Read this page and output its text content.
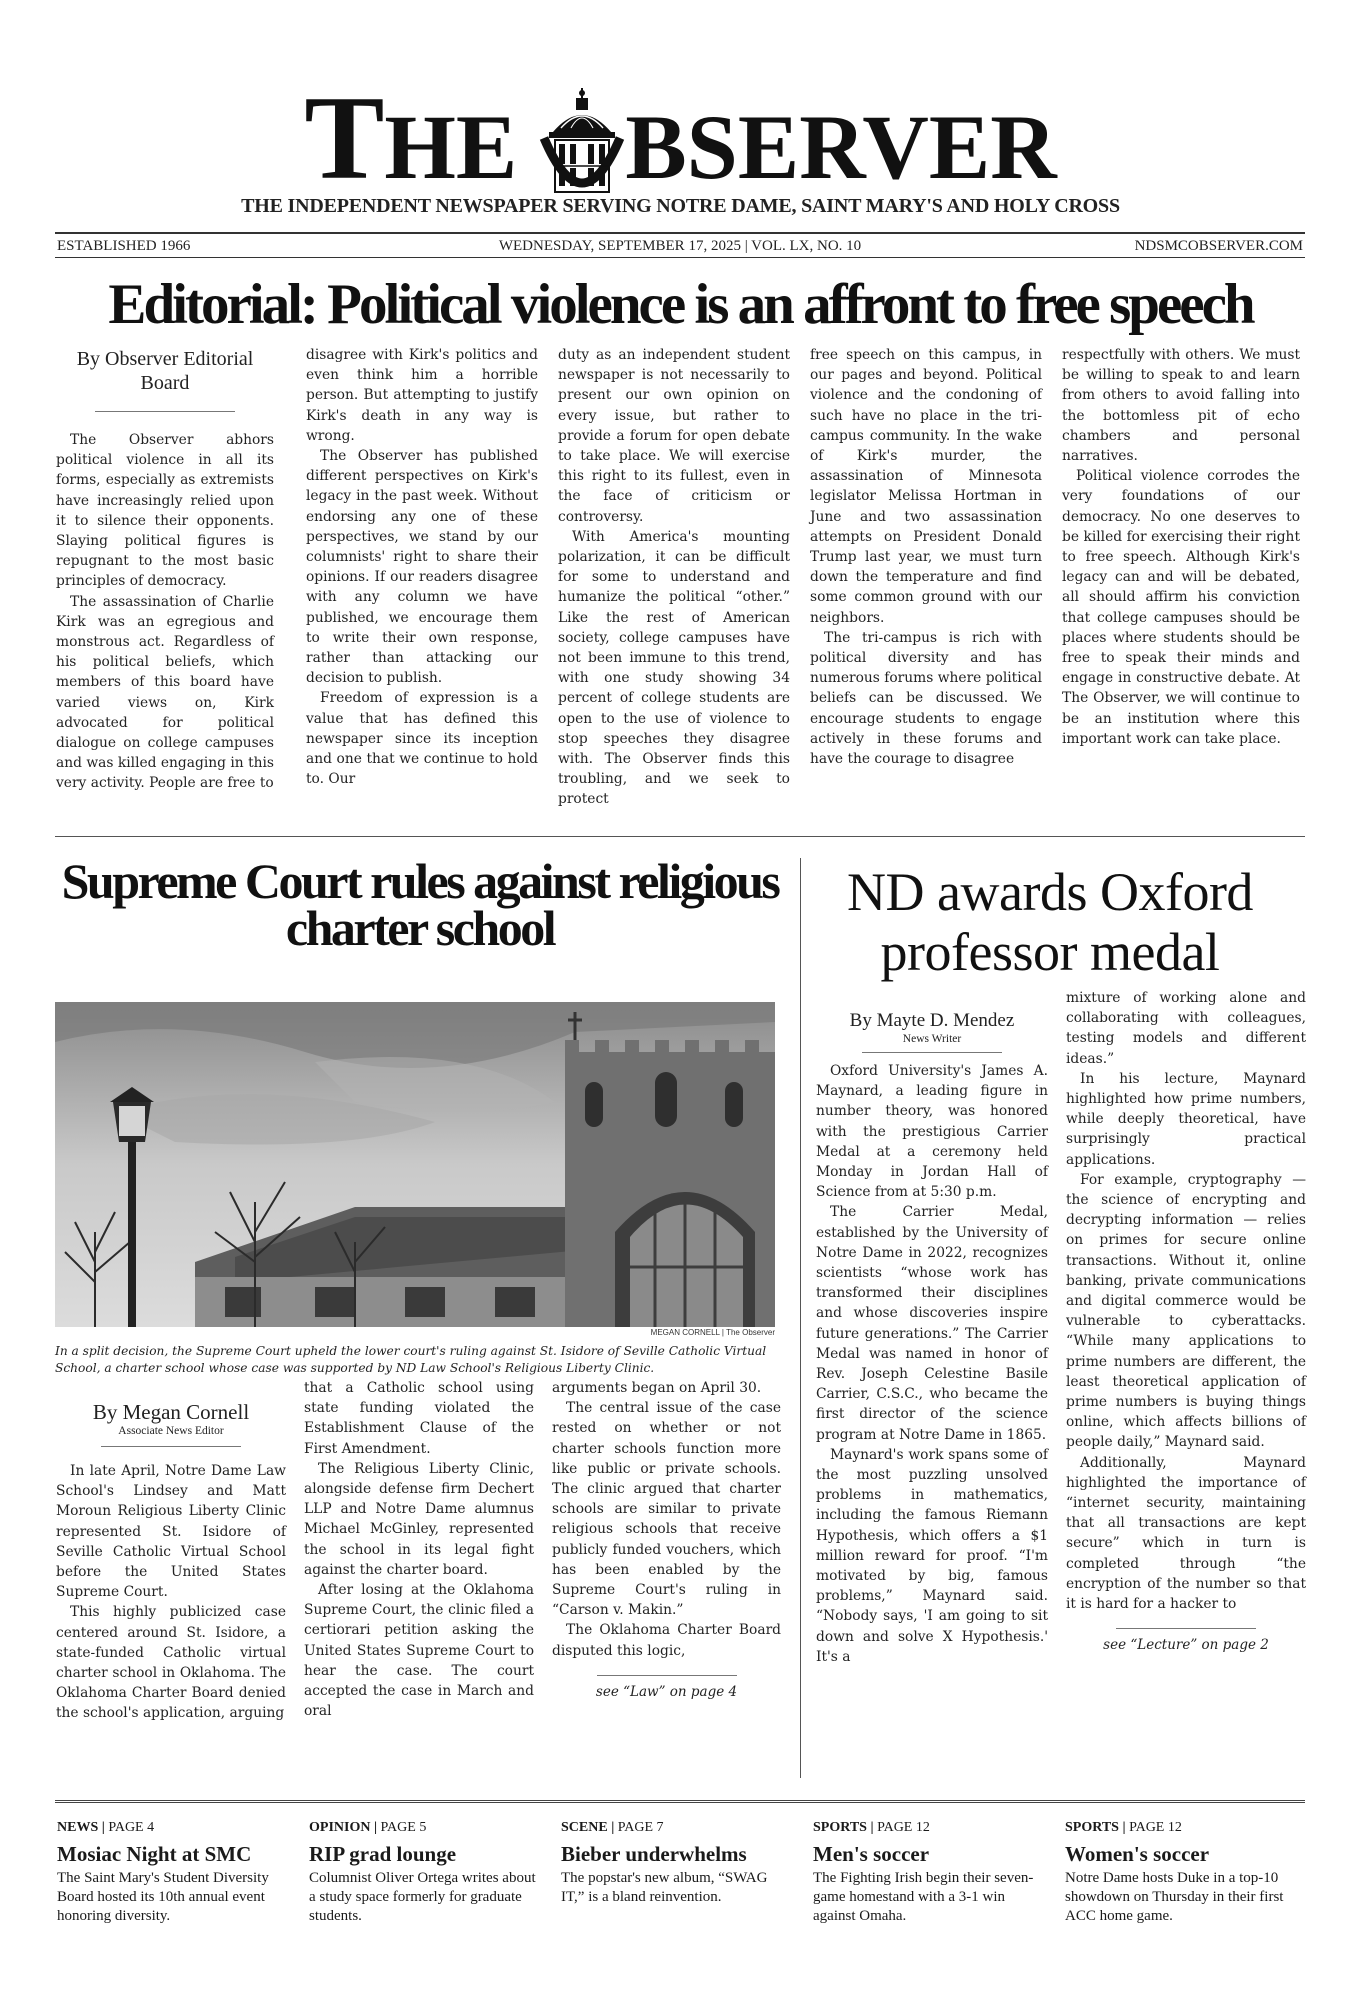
THE BSERVER
THE INDEPENDENT NEWSPAPER SERVING NOTRE DAME, SAINT MARY'S AND HOLY CROSS
ESTABLISHED 1966	WEDNESDAY, SEPTEMBER 17, 2025 | VOL. LX, NO. 10	NDSMCOBSERVER.COM
Editorial: Political violence is an affront to free speech
By Observer Editorial Board

The Observer abhors political violence in all its forms, especially as extremists have increasingly relied upon it to silence their opponents. Slaying political figures is repugnant to the most basic principles of democracy.

The assassination of Charlie Kirk was an egregious and monstrous act. Regardless of his political beliefs, which members of this board have varied views on, Kirk advocated for political dialogue on college campuses and was killed engaging in this very activity. People are free to

disagree with Kirk's politics and even think him a horrible person. But attempting to justify Kirk's death in any way is wrong.

The Observer has published different perspectives on Kirk's legacy in the past week. Without endorsing any one of these perspectives, we stand by our columnists' right to share their opinions. If our readers disagree with any column we have published, we encourage them to write their own response, rather than attacking our decision to publish.

Freedom of expression is a value that has defined this newspaper since its inception and one that we continue to hold to. Our

duty as an independent student newspaper is not necessarily to present our own opinion on every issue, but rather to provide a forum for open debate to take place. We will exercise this right to its fullest, even in the face of criticism or controversy.

With America's mounting polarization, it can be difficult for some to understand and humanize the political “other.” Like the rest of American society, college campuses have not been immune to this trend, with one study showing 34 percent of college students are open to the use of violence to stop speeches they disagree with. The Observer finds this troubling, and we seek to protect

free speech on this campus, in our pages and beyond. Political violence and the condoning of such have no place in the tri-campus community. In the wake of Kirk's murder, the assassination of Minnesota legislator Melissa Hortman in June and two assassination attempts on President Donald Trump last year, we must turn down the temperature and find some common ground with our neighbors.

The tri-campus is rich with political diversity and has numerous forums where political beliefs can be discussed. We encourage students to engage actively in these forums and have the courage to disagree

respectfully with others. We must be willing to speak to and learn from others to avoid falling into the bottomless pit of echo chambers and personal narratives.

Political violence corrodes the very foundations of our democracy. No one deserves to be killed for exercising their right to free speech. Although Kirk's legacy can and will be debated, all should affirm his conviction that college campuses should be places where students should be free to speak their minds and engage in constructive debate. At The Observer, we will continue to be an institution where this important work can take place.

Supreme Court rules against religious charter school
MEGAN CORNELL | The Observer
In a split decision, the Supreme Court upheld the lower court's ruling against St. Isidore of Seville Catholic Virtual School, a charter school whose case was supported by ND Law School's Religious Liberty Clinic.
By Megan Cornell
Associate News Editor

In late April, Notre Dame Law School's Lindsey and Matt Moroun Religious Liberty Clinic represented St. Isidore of Seville Catholic Virtual School before the United States Supreme Court.

This highly publicized case centered around St. Isidore, a state-funded Catholic virtual charter school in Oklahoma. The Oklahoma Charter Board denied the school's application, arguing

that a Catholic school using state funding violated the Establishment Clause of the First Amendment.

The Religious Liberty Clinic, alongside defense firm Dechert LLP and Notre Dame alumnus Michael McGinley, represented the school in its legal fight against the charter board.

After losing at the Oklahoma Supreme Court, the clinic filed a certiorari petition asking the United States Supreme Court to hear the case. The court accepted the case in March and oral

arguments began on April 30.

The central issue of the case rested on whether or not charter schools function more like public or private schools. The clinic argued that charter schools are similar to private religious schools that receive publicly funded vouchers, which has been enabled by the Supreme Court's ruling in “Carson v. Makin.”

The Oklahoma Charter Board disputed this logic,

see “Law” on page 4

ND awards Oxford professor medal
By Mayte D. Mendez
News Writer

Oxford University's James A. Maynard, a leading figure in number theory, was honored with the prestigious Carrier Medal at a ceremony held Monday in Jordan Hall of Science from at 5:30 p.m.

The Carrier Medal, established by the University of Notre Dame in 2022, recognizes scientists “whose work has transformed their disciplines and whose discoveries inspire future generations.” The Carrier Medal was named in honor of Rev. Joseph Celestine Basile Carrier, C.S.C., who became the first director of the science program at Notre Dame in 1865.

Maynard's work spans some of the most puzzling unsolved problems in mathematics, including the famous Riemann Hypothesis, which offers a $1 million reward for proof. “I'm motivated by big, famous problems,” Maynard said. “Nobody says, 'I am going to sit down and solve X Hypothesis.' It's a

mixture of working alone and collaborating with colleagues, testing models and different ideas.”

In his lecture, Maynard highlighted how prime numbers, while deeply theoretical, have surprisingly practical applications.

For example, cryptography — the science of encrypting and decrypting information — relies on primes for secure online transactions. Without it, online banking, private communications and digital commerce would be vulnerable to cyberattacks. “While many applications to prime numbers are different, the least theoretical application of prime numbers is buying things online, which affects billions of people daily,” Maynard said.

Additionally, Maynard highlighted the importance of “internet security, maintaining that all transactions are kept secure” which in turn is completed through “the encryption of the number so that it is hard for a hacker to

see “Lecture” on page 2

NEWS | PAGE 4
Mosiac Night at SMC
The Saint Mary's Student Diversity Board hosted its 10th annual event honoring diversity.
OPINION | PAGE 5
RIP grad lounge
Columnist Oliver Ortega writes about a study space formerly for graduate students.
SCENE | PAGE 7
Bieber underwhelms
The popstar's new album, “SWAG IT,” is a bland reinvention.
SPORTS | PAGE 12
Men's soccer
The Fighting Irish begin their seven-game homestand with a 3-1 win against Omaha.
SPORTS | PAGE 12
Women's soccer
Notre Dame hosts Duke in a top-10 showdown on Thursday in their first ACC home game.
